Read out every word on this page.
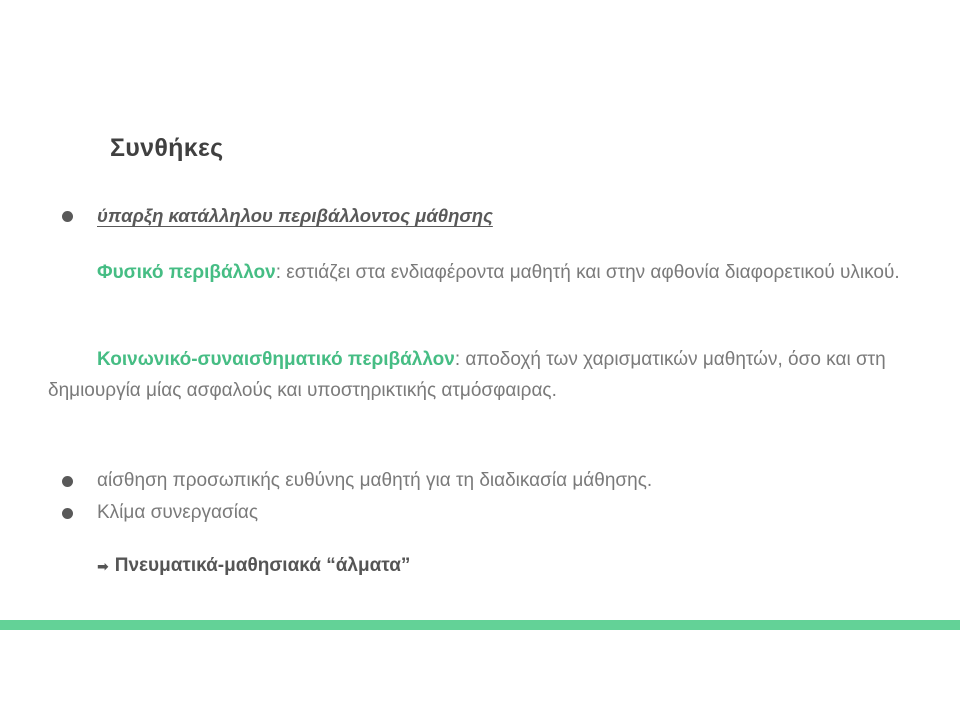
Συνθήκες
ύπαρξη κατάλληλου περιβάλλοντος μάθησης
Φυσικό περιβάλλον: εστιάζει στα ενδιαφέροντα μαθητή και στην αφθονία διαφορετικού υλικού.
Κοινωνικό-συναισθηματικό περιβάλλον: αποδοχή των χαρισματικών μαθητών, όσο και στη δημιουργία μίας ασφαλούς και υποστηρικτικής ατμόσφαιρας.
αίσθηση προσωπικής ευθύνης μαθητή για τη διαδικασία μάθησης.
Κλίμα συνεργασίας
➡ Πνευματικά-μαθησιακά “άλματα”
